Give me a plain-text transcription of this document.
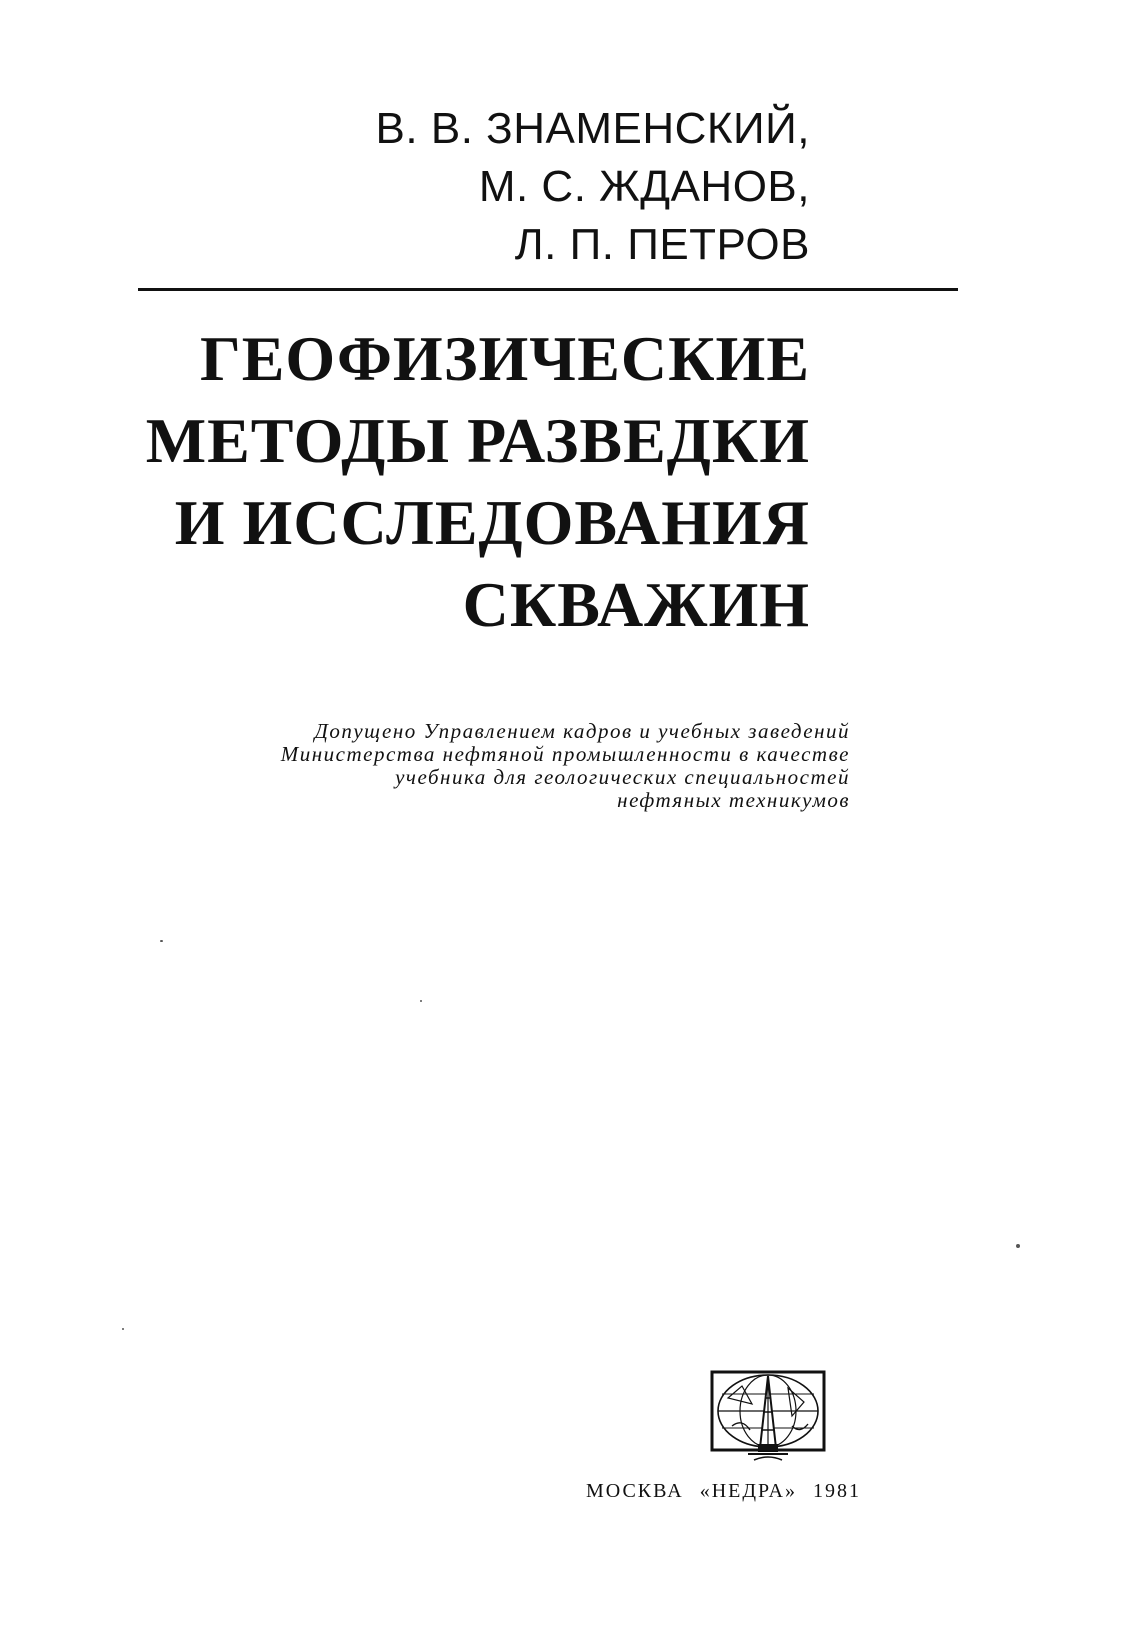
В. В. ЗНАМЕНСКИЙ,
М. С. ЖДАНОВ,
Л. П. ПЕТРОВ
ГЕОФИЗИЧЕСКИЕ
МЕТОДЫ РАЗВЕДКИ
И ИССЛЕДОВАНИЯ
СКВАЖИН
Допущено Управлением кадров и учебных заведений
Министерства нефтяной промышленности в качестве
учебника для геологических специальностей
нефтяных техникумов
МОСКВА «НЕДРА» 1981
